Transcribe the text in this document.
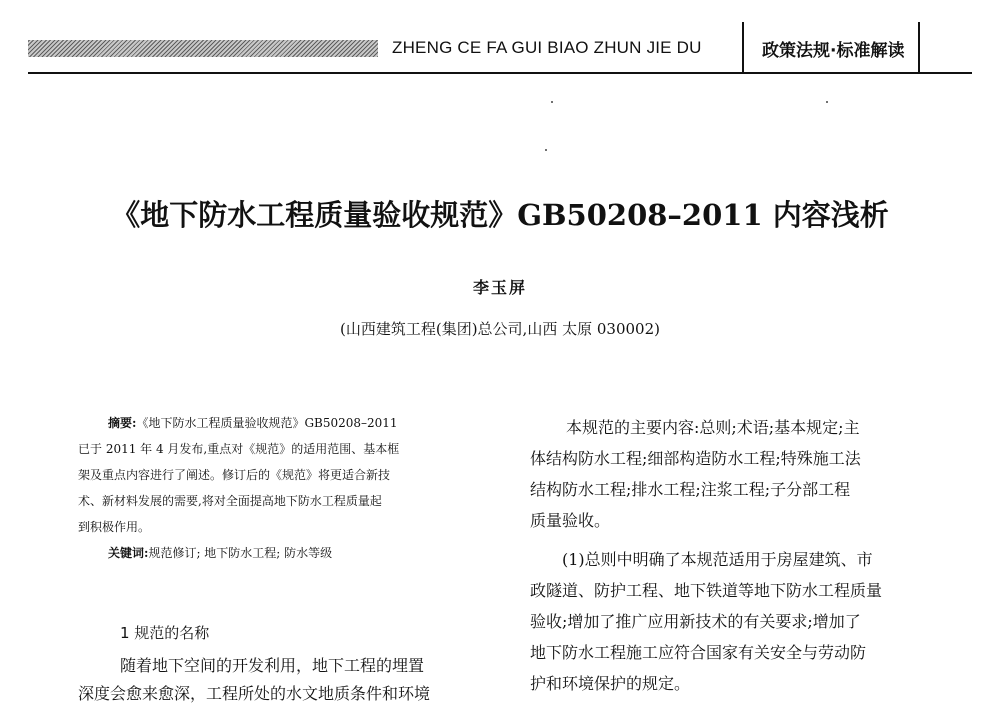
ZHENG CE FA GUI BIAO ZHUN JIE DU	政策法规·标准解读
《地下防水工程质量验收规范》GB50208–2011 内容浅析
李玉屏
(山西建筑工程(集团)总公司,山西 太原 030002)
摘要:《地下防水工程质量验收规范》GB50208–2011
已于 2011 年 4 月发布,重点对《规范》的适用范围、基本框
架及重点内容进行了阐述。修订后的《规范》将更适合新技
术、新材料发展的需要,将对全面提高地下防水工程质量起
到积极作用。
关键词:规范修订; 地下防水工程; 防水等级
1 规范的名称
随着地下空间的开发利用，地下工程的埋置
深度会愈来愈深，工程所处的水文地质条件和环境
本规范的主要内容:总则;术语;基本规定;主
体结构防水工程;细部构造防水工程;特殊施工法
结构防水工程;排水工程;注浆工程;子分部工程
质量验收。
(1)总则中明确了本规范适用于房屋建筑、市
政隧道、防护工程、地下铁道等地下防水工程质量
验收;增加了推广应用新技术的有关要求;增加了
地下防水工程施工应符合国家有关安全与劳动防
护和环境保护的规定。
